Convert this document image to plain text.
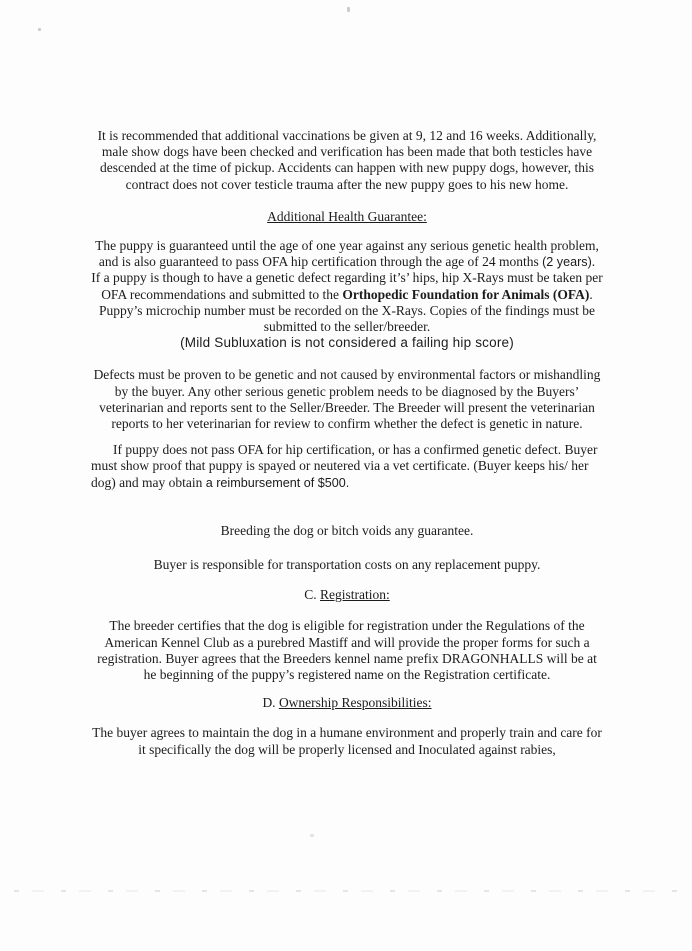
It is recommended that additional vaccinations be given at 9, 12 and 16 weeks. Additionally, male show dogs have been checked and verification has been made that both testicles have descended at the time of pickup. Accidents can happen with new puppy dogs, however, this contract does not cover testicle trauma after the new puppy goes to his new home.

Additional Health Guarantee:

The puppy is guaranteed until the age of one year against any serious genetic health problem, and is also guaranteed to pass OFA hip certification through the age of 24 months (2 years).

If a puppy is though to have a genetic defect regarding it’s’ hips, hip X-Rays must be taken per OFA recommendations and submitted to the Orthopedic Foundation for Animals (OFA). Puppy’s microchip number must be recorded on the X-Rays. Copies of the findings must be submitted to the seller/breeder.

(Mild Subluxation is not considered a failing hip score)

Defects must be proven to be genetic and not caused by environmental factors or mishandling by the buyer. Any other serious genetic problem needs to be diagnosed by the Buyers’ veterinarian and reports sent to the Seller/Breeder. The Breeder will present the veterinarian reports to her veterinarian for review to confirm whether the defect is genetic in nature.

If puppy does not pass OFA for hip certification, or has a confirmed genetic defect. Buyer must show proof that puppy is spayed or neutered via a vet certificate. (Buyer keeps his/ her dog) and may obtain a reimbursement of $500.

Breeding the dog or bitch voids any guarantee.

Buyer is responsible for transportation costs on any replacement puppy.

C. Registration:

The breeder certifies that the dog is eligible for registration under the Regulations of the American Kennel Club as a purebred Mastiff and will provide the proper forms for such a registration. Buyer agrees that the Breeders kennel name prefix DRAGONHALLS will be at he beginning of the puppy’s registered name on the Registration certificate.

D. Ownership Responsibilities:

The buyer agrees to maintain the dog in a humane environment and properly train and care for it specifically the dog will be properly licensed and Inoculated against rabies,
